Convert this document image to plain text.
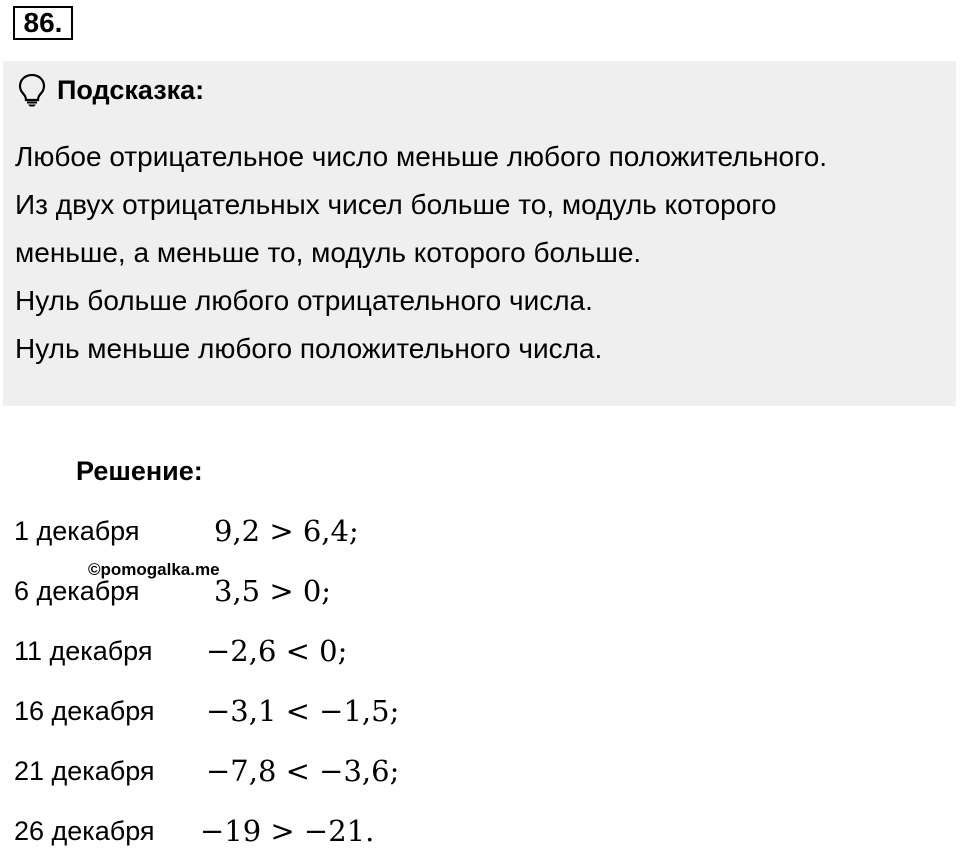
86.
Подсказка:
Любое отрицательное число меньше любого положительного.
Из двух отрицательных чисел больше то, модуль которого
меньше, а меньше то, модуль которого больше.
Нуль больше любого отрицательного числа.
Нуль меньше любого положительного числа.
Решение:
1 декабря	9,2 > 6,4;
©pomogalka.me
6 декабря	3,5 > 0;
11 декабря −2,6 < 0;
16 декабря −3,1 < −1,5;
21 декабря −7,8 < −3,6;
26 декабря −19 > −21.
